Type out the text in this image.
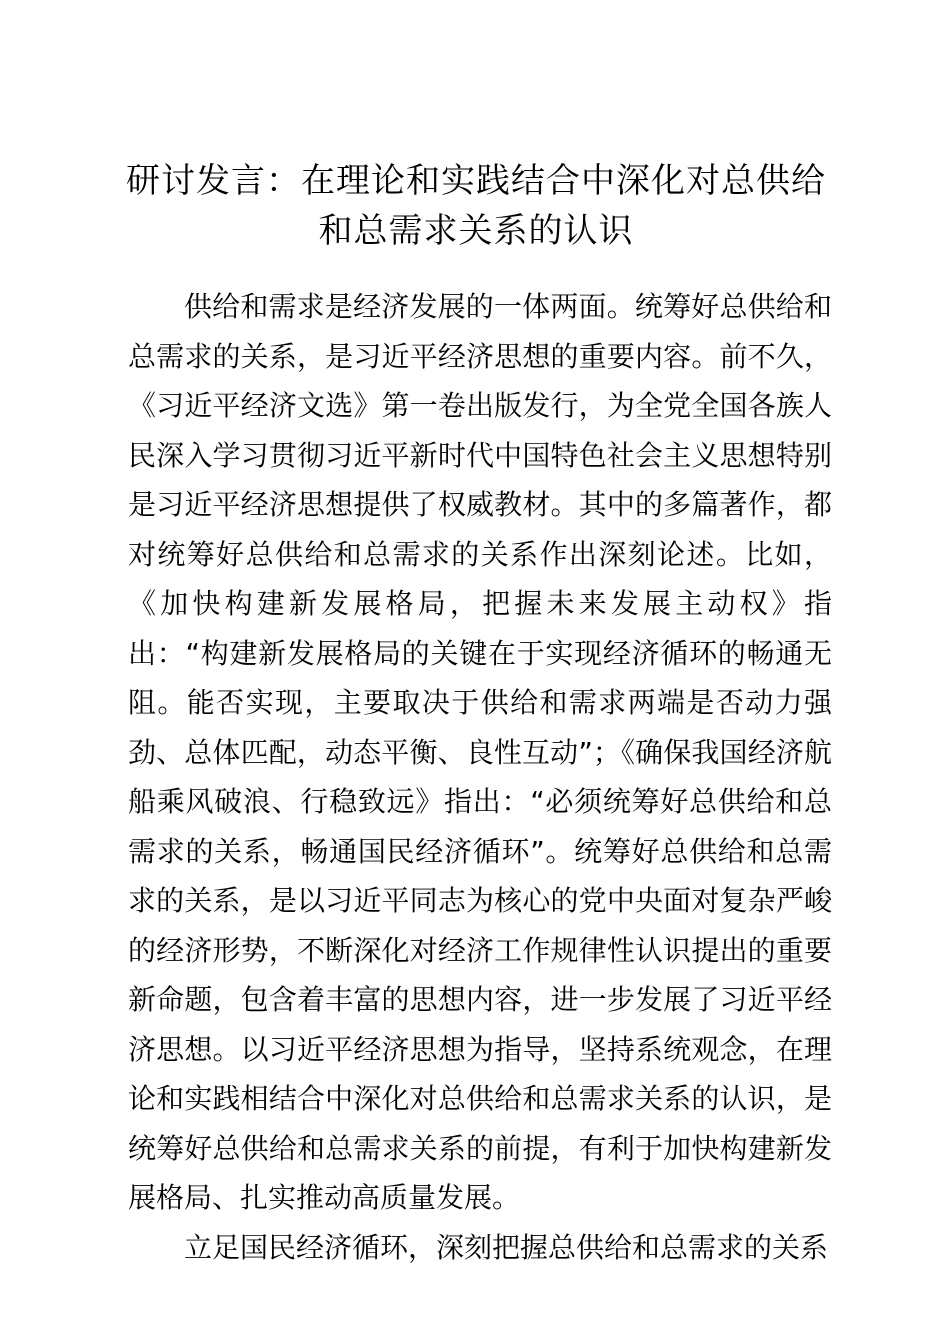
研讨发言：在理论和实践结合中深化对总供给和总需求关系的认识

供给和需求是经济发展的一体两面。统筹好总供给和总需求的关系，是习近平经济思想的重要内容。前不久，《习近平经济文选》第一卷出版发行，为全党全国各族人民深入学习贯彻习近平新时代中国特色社会主义思想特别是习近平经济思想提供了权威教材。其中的多篇著作，都对统筹好总供给和总需求的关系作出深刻论述。比如，《加快构建新发展格局，把握未来发展主动权》指出：“构建新发展格局的关键在于实现经济循环的畅通无阻。能否实现，主要取决于供给和需求两端是否动力强劲、总体匹配，动态平衡、良性互动”；《确保我国经济航船乘风破浪、行稳致远》指出：“必须统筹好总供给和总需求的关系，畅通国民经济循环”。统筹好总供给和总需求的关系，是以习近平同志为核心的党中央面对复杂严峻的经济形势，不断深化对经济工作规律性认识提出的重要新命题，包含着丰富的思想内容，进一步发展了习近平经济思想。以习近平经济思想为指导，坚持系统观念，在理论和实践相结合中深化对总供给和总需求关系的认识，是统筹好总供给和总需求关系的前提，有利于加快构建新发展格局、扎实推动高质量发展。

立足国民经济循环，深刻把握总供给和总需求的关系
